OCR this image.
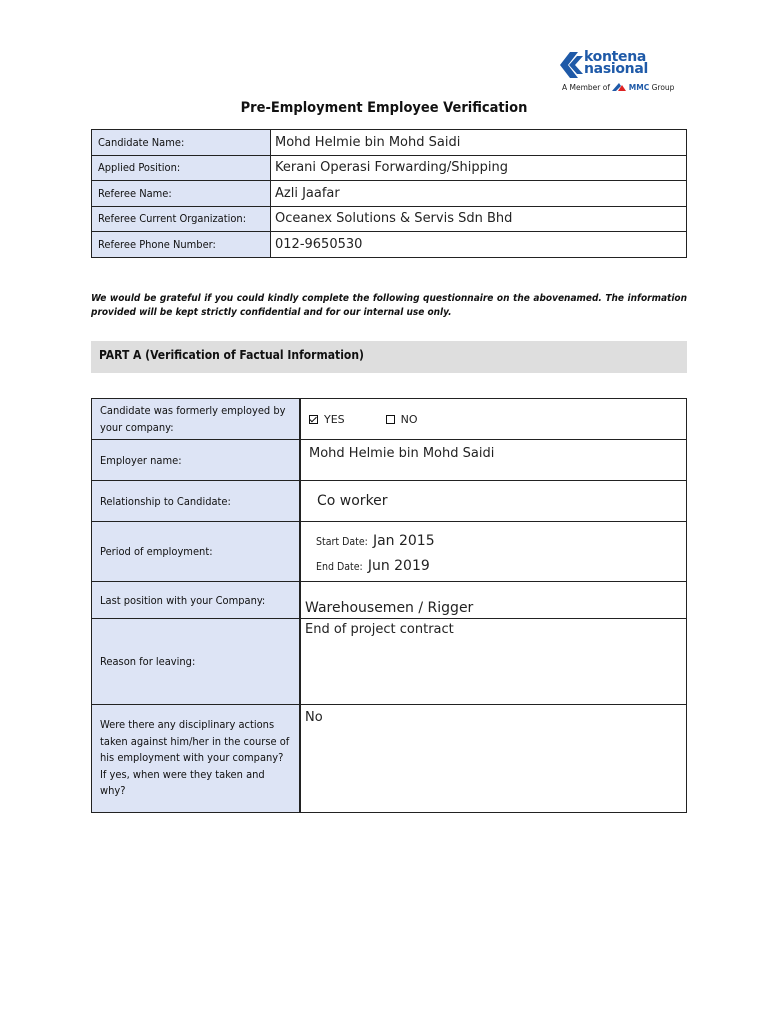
kontena
nasional
A Member of	MMC Group
Pre-Employment Employee Verification
Candidate Name:	Mohd Helmie bin Mohd Saidi
Applied Position:	Kerani Operasi Forwarding/Shipping
Referee Name:	Azli Jaafar
Referee Current Organization:	Oceanex Solutions & Servis Sdn Bhd
Referee Phone Number:	012-9650530
We would be grateful if you could kindly complete the following questionnaire on the abovenamed. The information provided will be kept strictly confidential and for our internal use only.
PART A (Verification of Factual Information)
Candidate was formerly employed by your company:	YES NO
Employer name:	Mohd Helmie bin Mohd Saidi
Relationship to Candidate:	Co worker
Period of employment:	Start Date: Jan 2015
End Date: Jun 2019

Last position with your Company:	Warehousemen / Rigger
Reason for leaving:	End of project contract
Were there any disciplinary actions taken against him/her in the course of his employment with your company? If yes, when were they taken and why?	No
